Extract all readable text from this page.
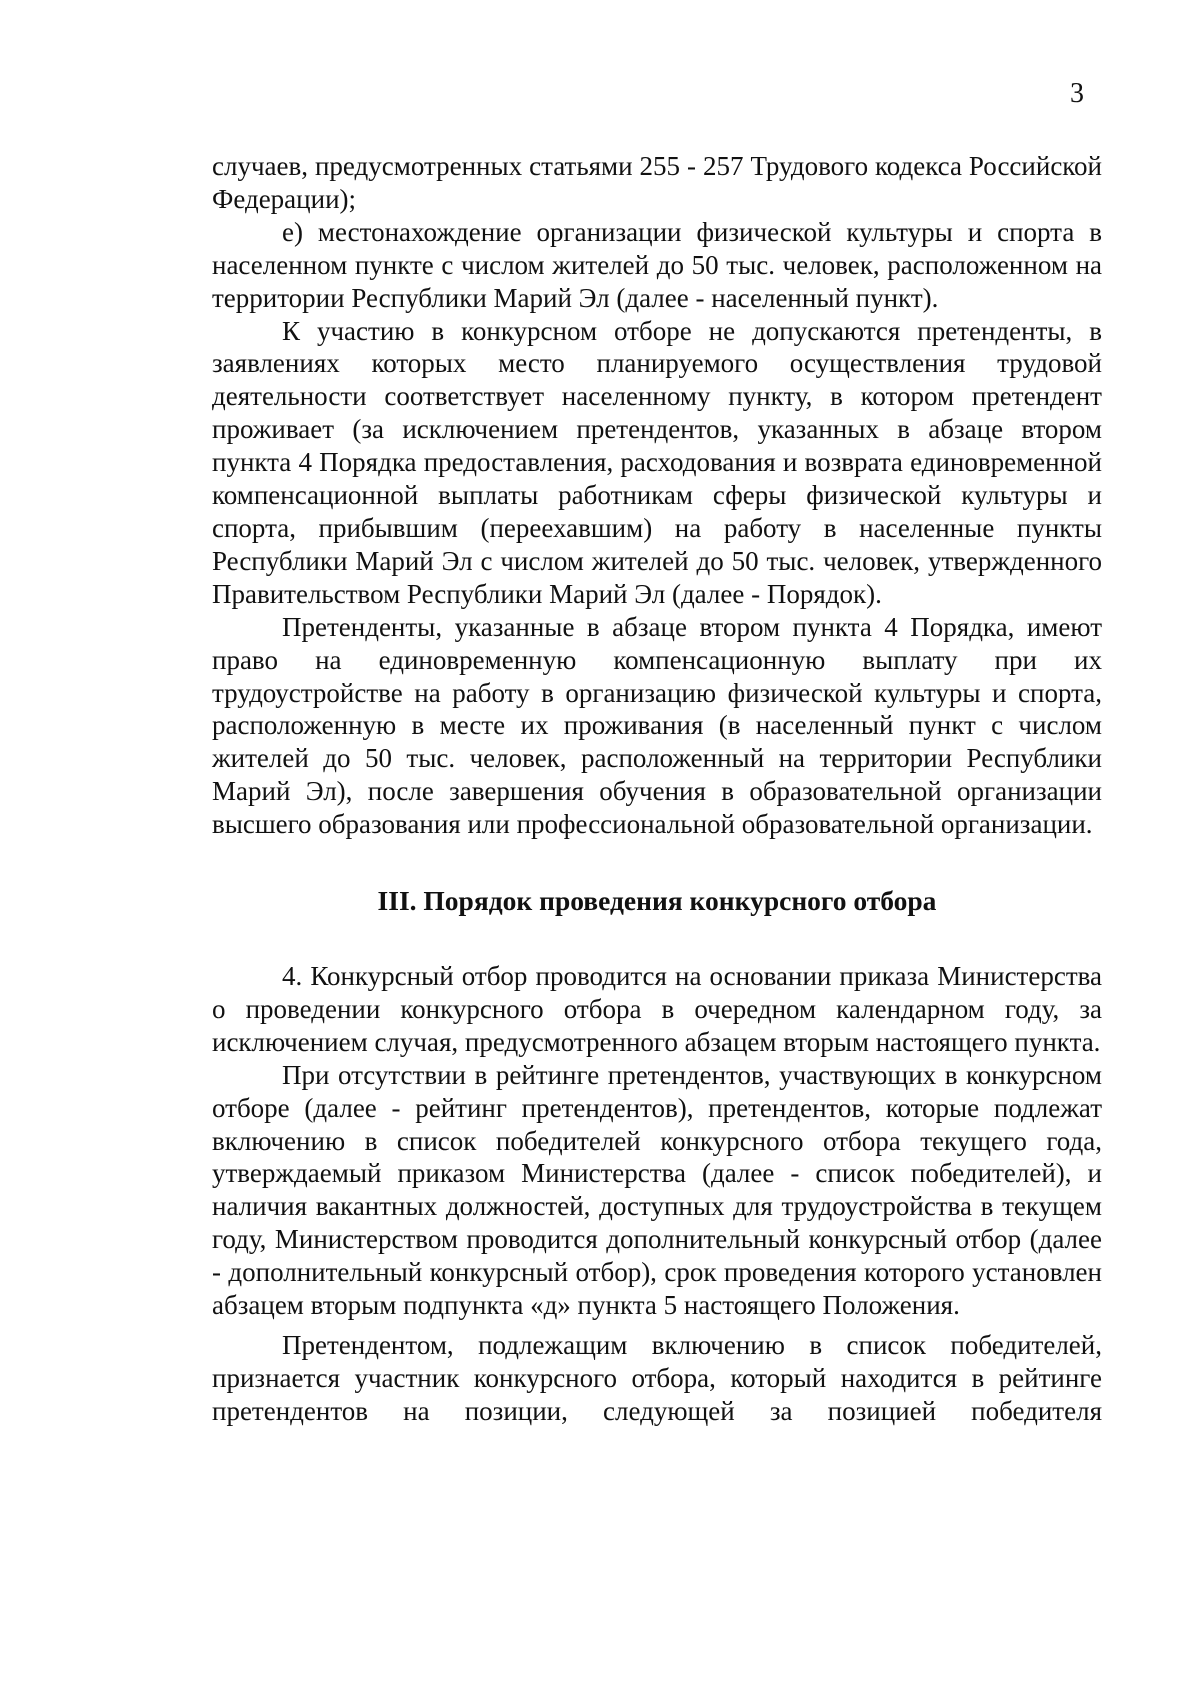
3

случаев, предусмотренных статьями 255 - 257 Трудового кодекса Российской Федерации);

е) местонахождение организации физической культуры и спорта в населенном пункте с числом жителей до 50 тыс. человек, расположенном на территории Республики Марий Эл (далее - населенный пункт).

К участию в конкурсном отборе не допускаются претенденты, в заявлениях которых место планируемого осуществления трудовой деятельности соответствует населенному пункту, в котором претендент проживает (за исключением претендентов, указанных в абзаце втором пункта 4 Порядка предоставления, расходования и возврата единовременной компенсационной выплаты работникам сферы физической культуры и спорта, прибывшим (переехавшим) на работу в населенные пункты Республики Марий Эл с числом жителей до 50 тыс. человек, утвержденного Правительством Республики Марий Эл (далее - Порядок).

Претенденты, указанные в абзаце втором пункта 4 Порядка, имеют право на единовременную компенсационную выплату при их трудоустройстве на работу в организацию физической культуры и спорта, расположенную в месте их проживания (в населенный пункт с числом жителей до 50 тыс. человек, расположенный на территории Республики Марий Эл), после завершения обучения в образовательной организации высшего образования или профессиональной образовательной организации.

III. Порядок проведения конкурсного отбора

4. Конкурсный отбор проводится на основании приказа Министерства о проведении конкурсного отбора в очередном календарном году, за исключением случая, предусмотренного абзацем вторым настоящего пункта.

При отсутствии в рейтинге претендентов, участвующих в конкурсном отборе (далее - рейтинг претендентов), претендентов, которые подлежат включению в список победителей конкурсного отбора текущего года, утверждаемый приказом Министерства (далее - список победителей), и наличия вакантных должностей, доступных для трудоустройства в текущем году, Министерством проводится дополнительный конкурсный отбор (далее - дополнительный конкурсный отбор), срок проведения которого установлен абзацем вторым подпункта «д» пункта 5 настоящего Положения.

Претендентом, подлежащим включению в список победителей, признается участник конкурсного отбора, который находится в рейтинге претендентов на позиции, следующей за позицией победителя
